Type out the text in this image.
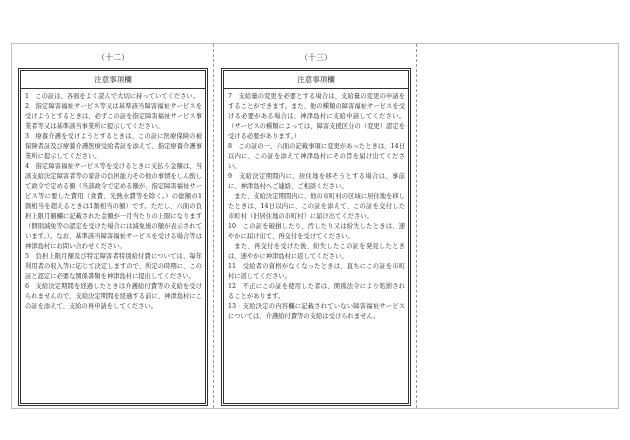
（十二）
注意事項欄

1　この証は、各面をよく読んで大切に持っていてください。

2　指定障害福祉サービス等又は基準該当障害福祉サービスを受けようとするときは、必ずこの証を指定障害福祉サービス事業者等又は基準該当事業所に提示してください。

3　療養介護を受けようとするときは、この証に医療保険の被保険者証及び療養介護医療受給者証を添えて、指定療養介護事業所に提示してください。

4　指定障害福祉サービス等を受けるときに支払う金額は、当該支給決定障害者等の家計の負担能力その他の事情をしん酌して政令で定める額（当該政令で定める額が、指定障害福祉サービス等に要した費用（食費、光熱水費等を除く。）の総額の1割相当を超えるときは1割相当の額）です。ただし、六面の負担上限月額欄に記載された金額が一月当たりの上限になります（個別減免等の認定を受けた場合には減免後の額が表示されています。）。なお、基準該当障害福祉サービスを受ける場合等は神津島村にお問い合わせください。

5　負担上限月額及び特定障害者特別給付費については、毎年利用者の収入等に応じて決定しますので、所定の時期に、この証と認定に必要な関係書類を神津島村に提出してください。

6　支給決定期間を経過したときは介護給付費等の支給を受けられませんので、支給決定期間を経過する前に、神津島村にこの証を添えて、支給の再申請をしてください。

（十三）
注意事項欄

7　支給量の変更を必要とする場合は、支給量の変更の申請をすることができます。また、他の種類の障害福祉サービスを受ける必要がある場合は、神津島村に支給申請してください。（サービスの種類によっては、障害支援区分の（変更）認定を受ける必要があります。）

8　この証の一、六面の記載事項に変更があったときは、14日以内に、この証を添えて神津島村にその旨を届け出てください。

9　支給決定期間内に、居住地を移そうとする場合は、事前に、神津島村へご連絡、ご相談ください。

また、支給決定期間内に、他の市町村の区域に居住地を移したときは、14日以内に、この証を添えて、この証を交付した市町村（旧居住地の市町村）に届け出てください。

10　この証を破損したり、汚したり又は紛失したときは、速やかに届け出て、再交付を受けてください。

また、再交付を受けた後、紛失したこの証を発見したときは、速やかに神津島村に返してください。

11　受給者の資格がなくなったときは、直ちにこの証を市町村に返してください。

12　不正にこの証を使用した者は、関係法令により処罰されることがあります。

13　支給決定の内容欄に記載されていない障害福祉サービスについては、介護給付費等の支給は受けられません。
